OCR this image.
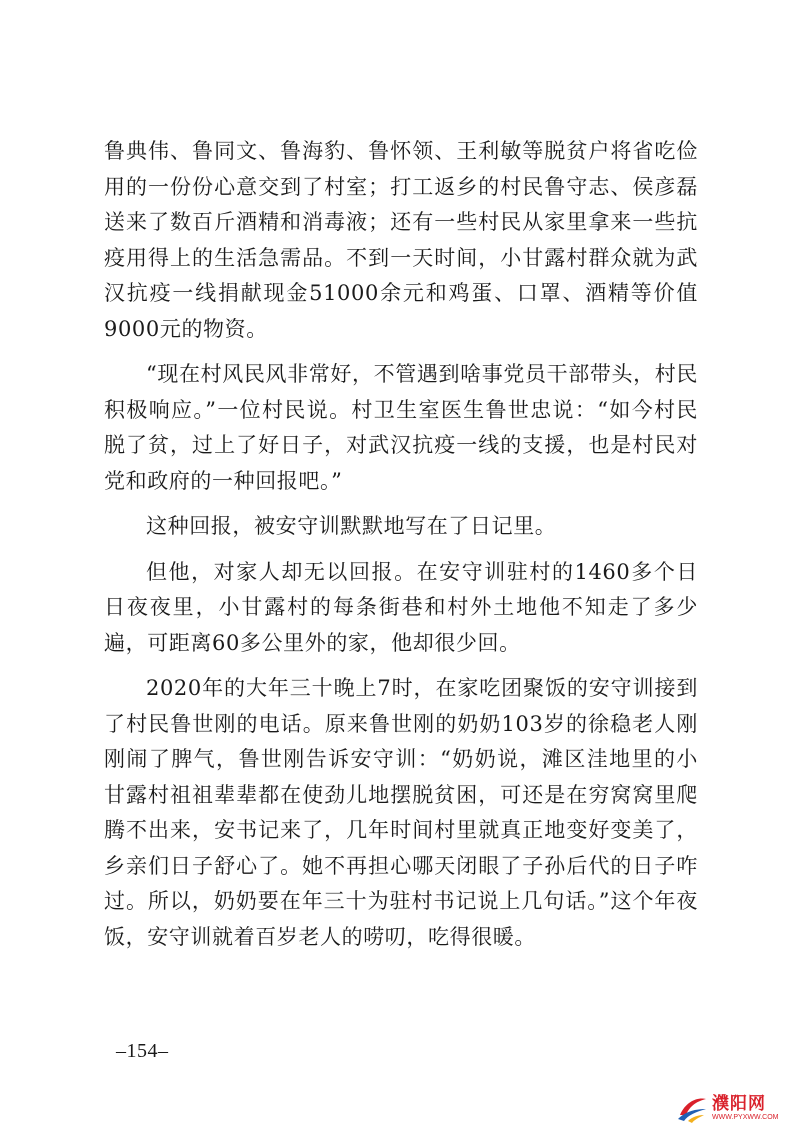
鲁典伟、鲁同文、鲁海豹、鲁怀领、王利敏等脱贫户将省吃俭用的一份份心意交到了村室；打工返乡的村民鲁守志、侯彦磊送来了数百斤酒精和消毒液；还有一些村民从家里拿来一些抗疫用得上的生活急需品。不到一天时间，小甘露村群众就为武汉抗疫一线捐献现金51000余元和鸡蛋、口罩、酒精等价值9000元的物资。

“现在村风民风非常好，不管遇到啥事党员干部带头，村民积极响应。”一位村民说。村卫生室医生鲁世忠说：“如今村民脱了贫，过上了好日子，对武汉抗疫一线的支援，也是村民对党和政府的一种回报吧。”

这种回报，被安守训默默地写在了日记里。

但他，对家人却无以回报。在安守训驻村的1460多个日日夜夜里，小甘露村的每条街巷和村外土地他不知走了多少遍，可距离60多公里外的家，他却很少回。

2020年的大年三十晚上7时，在家吃团聚饭的安守训接到了村民鲁世刚的电话。原来鲁世刚的奶奶103岁的徐稳老人刚刚闹了脾气，鲁世刚告诉安守训：“奶奶说，滩区洼地里的小甘露村祖祖辈辈都在使劲儿地摆脱贫困，可还是在穷窝窝里爬腾不出来，安书记来了，几年时间村里就真正地变好变美了，乡亲们日子舒心了。她不再担心哪天闭眼了子孙后代的日子咋过。所以，奶奶要在年三十为驻村书记说上几句话。”这个年夜饭，安守训就着百岁老人的唠叨，吃得很暖。

–154–
濮阳网
WWW.PYXWW.COM
